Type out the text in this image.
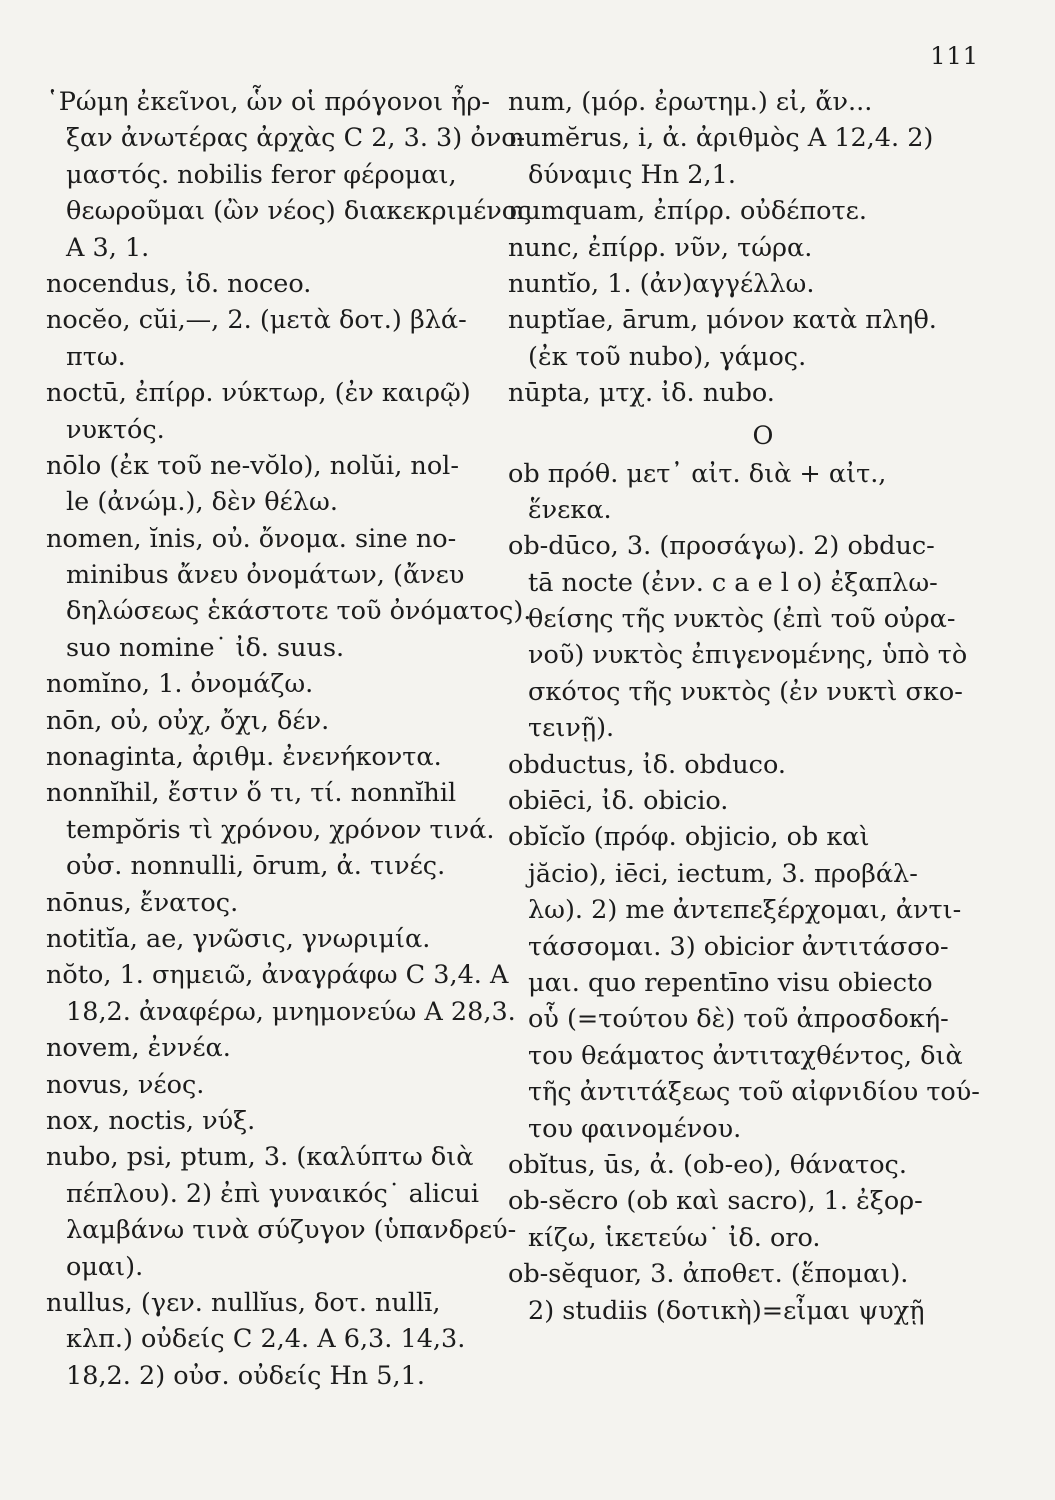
111
῾Ρώμη ἐκεῖνοι, ὧν οἱ πρόγονοι ἦρ-
ξαν ἀνωτέρας ἀρχὰς C 2, 3. 3) ὀνο-
μαστός. nobilis feror φέρομαι,
θεωροῦμαι (ὢν νέος) διακεκριμένος
A 3, 1.
nocendus, ἰδ. noceo.
nocĕo, cŭi,—, 2. (μετὰ δοτ.) βλά-
πτω.
noctū, ἐπίρρ. νύκτωρ, (ἐν καιρῷ)
νυκτός.
nōlo (ἐκ τοῦ ne-vŏlo), nolŭi, nol-
le (ἀνώμ.), δὲν θέλω.
nomen, ĭnis, οὐ. ὄνομα. sine no-
minibus ἄνευ ὀνομάτων, (ἄνευ
δηλώσεως ἑκάστοτε τοῦ ὀνόματος).
suo nomine˙ ἰδ. suus.
nomĭno, 1. ὀνομάζω.
nōn, οὐ, οὐχ, ὄχι, δέν.
nonaginta, ἀριθμ. ἐνενήκοντα.
nonnĭhil, ἔστιν ὅ τι, τί. nonnĭhil
tempŏris τὶ χρόνου, χρόνον τινά.
οὐσ. nonnulli, ōrum, ἀ. τινές.
nōnus, ἔνατος.
notitĭa, ae, γνῶσις, γνωριμία.
nŏto, 1. σημειῶ, ἀναγράφω C 3,4. A
18,2. ἀναφέρω, μνημονεύω A 28,3.
novem, ἐννέα.
novus, νέος.
nox, noctis, νύξ.
nubo, psi, ptum, 3. (καλύπτω διὰ
πέπλου). 2) ἐπὶ γυναικός˙ alicui
λαμβάνω τινὰ σύζυγον (ὑπανδρεύ-
ομαι).
nullus, (γεν. nullĭus, δοτ. nullī,
κλπ.) οὐδείς C 2,4. A 6,3. 14,3.
18,2. 2) οὐσ. οὐδείς Hn 5,1.
num, (μόρ. ἐρωτημ.) εἰ, ἄν...
numĕrus, i, ἀ. ἀριθμὸς A 12,4. 2)
δύναμις Hn 2,1.
numquam, ἐπίρρ. οὐδέποτε.
nunc, ἐπίρρ. νῦν, τώρα.
nuntĭo, 1. (ἀν)αγγέλλω.
nuptĭae, ārum, μόνον κατὰ πληθ.
(ἐκ τοῦ nubo), γάμος.
nūpta, μτχ. ἰδ. nubo.
O
ob πρόθ. μετ᾿ αἰτ. διὰ + αἰτ.,
ἕνεκα.
ob-dūco, 3. (προσάγω). 2) obduc-
tā nocte (ἐνν. c a e l o) ἐξαπλω-
θείσης τῆς νυκτὸς (ἐπὶ τοῦ οὐρα-
νοῦ) νυκτὸς ἐπιγενομένης, ὑπὸ τὸ
σκότος τῆς νυκτὸς (ἐν νυκτὶ σκο-
τεινῇ).
obductus, ἰδ. obduco.
obiēci, ἰδ. obicio.
obĭcĭo (πρόφ. objicio, ob καὶ
jăcio), iēci, iectum, 3. προβάλ-
λω). 2) me ἀντεπεξέρχομαι, ἀντι-
τάσσομαι. 3) obicior ἀντιτάσσο-
μαι. quo repentīno visu obiecto
οὗ (=τούτου δὲ) τοῦ ἀπροσδοκή-
του θεάματος ἀντιταχθέντος, διὰ
τῆς ἀντιτάξεως τοῦ αἰφνιδίου τού-
του φαινομένου.
obĭtus, ūs, ἀ. (ob-eo), θάνατος.
ob-sĕcro (ob καὶ sacro), 1. ἐξορ-
κίζω, ἱκετεύω˙ ἰδ. oro.
ob-sĕquor, 3. ἀποθετ. (ἕπομαι).
2) studiis (δοτικὴ)=εἶμαι ψυχῇ
